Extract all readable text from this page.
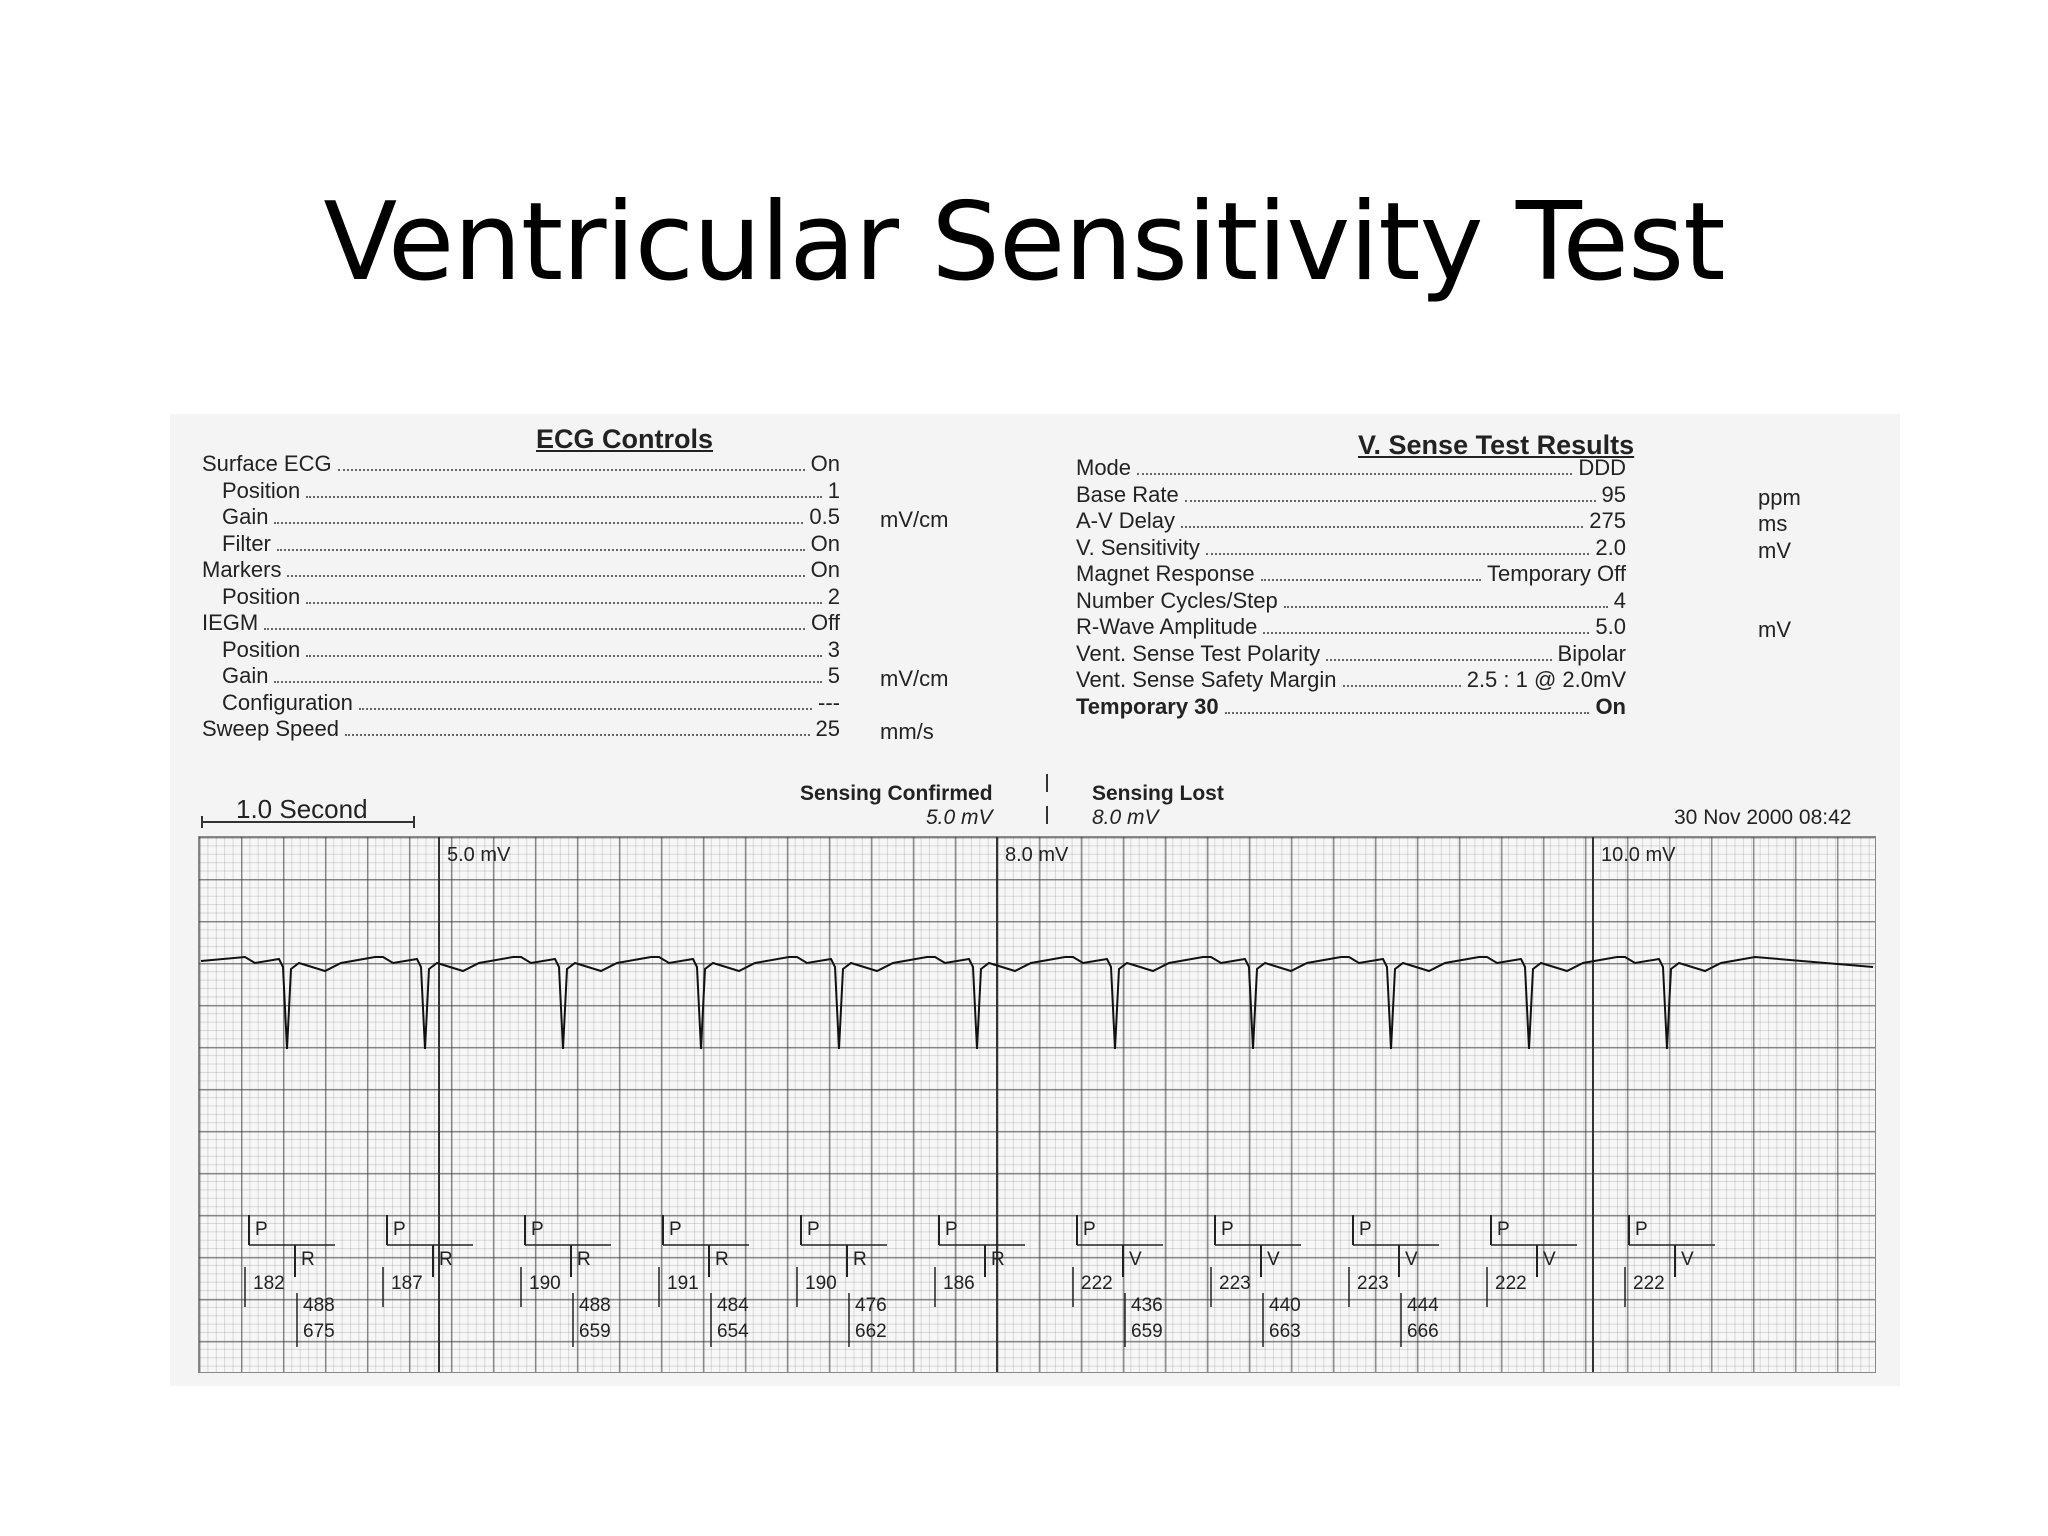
Ventricular Sensitivity Test
ECG Controls
Surface ECG	On
Position	1
Gain	0.5 mV/cm
Filter	On
Markers	On
Position	2
IEGM	Off
Position	3
Gain	5 mV/cm
Configuration	---
Sweep Speed	25 mm/s
V. Sense Test Results
Mode	DDD
Base Rate	95	ppm
A-V Delay	275	ms
V. Sensitivity	2.0	mV
Magnet Response	Temporary Off
Number Cycles/Step	4
R-Wave Amplitude	5.0	mV
Vent. Sense Test Polarity	Bipolar
Vent. Sense Safety Margin	2.5 : 1 @ 2.0mV
Temporary 30	On
1.0 Second
Sensing Confirmed
5.0 mV
Sensing Lost
8.0 mV	30 Nov 2000 08:42
5.0 mV	8.0 mV	10.0 mV
P
R
182
488
675
P
R
187
P
R
190
488
659
P
R
191
484
654
P
R
190
476
662
P
R
186
P
V
222
436
659
P
V
223
440
663
P
V
223
444
666
P
V
222
P
V
222
